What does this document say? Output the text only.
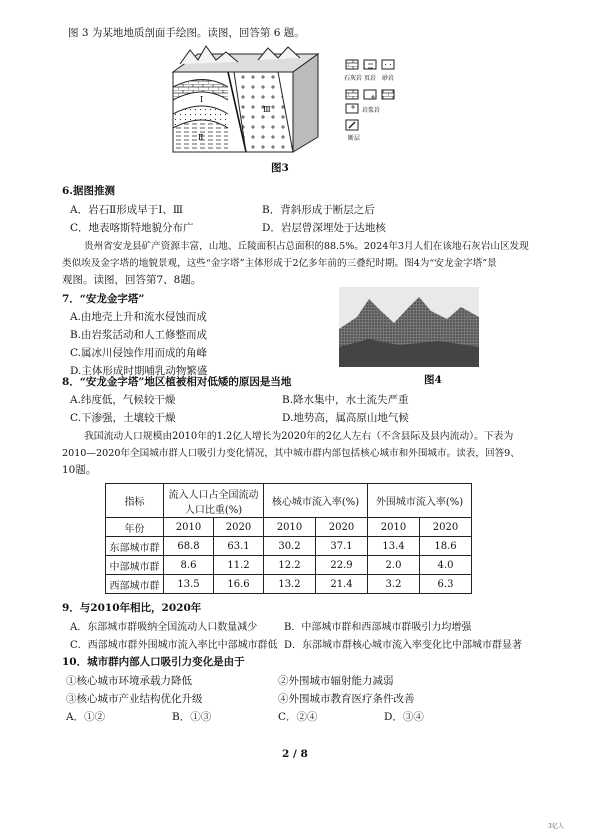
图 3 为某地地质剖面手绘图。读图，回答第 6 题。
Ⅰ
Ⅱ
Ⅲ
石灰岩 页岩 砂岩
岩浆岩
断层
图3
6.据图推测
A．岩石Ⅱ形成早于Ⅰ、Ⅲ	B．背斜形成于断层之后
C．地表喀斯特地貌分布广	D．岩层曾深埋处于达地核
贵州省安龙县矿产资源丰富，山地、丘陵面积占总面积的88.5%。2024年3月人们在该地石灰岩山区发现
类似埃及金字塔的地貌景观，这些“金字塔”主体形成于2亿多年前的三叠纪时期。图4为“安龙金字塔”景
观图。读图，回答第7、8题。
7．“安龙金字塔”
A.由地壳上升和流水侵蚀而成
B.由岩浆活动和人工修整而成
C.属冰川侵蚀作用而成的角峰
D.主体形成时期哺乳动物繁盛
图4
8．“安龙金字塔”地区植被相对低矮的原因是当地
A.纬度低，气候较干燥	B.降水集中，水土流失严重
C.下渗强，土壤较干燥	D.地势高，属高原山地气候
我国流动人口规模由2010年的1.2亿人增长为2020年的2亿人左右（不含县际及县内流动）。下表为
2010—2020年全国城市群人口吸引力变化情况，其中城市群内部包括核心城市和外围城市。读表，回答9、
10题。
指标	流入人口占全国流动人口比重(%)		核心城市流入率(%)		外围城市流入率(%)	
年份	2010	2020	2010	2020	2010	2020
东部城市群	68.8	63.1	30.2	37.1	13.4	18.6
中部城市群	8.6	11.2	12.2	22.9	2.0	4.0
西部城市群	13.5	16.6	13.2	21.4	3.2	6.3
9．与2010年相比，2020年
A．东部城市群吸纳全国流动人口数量减少	B．中部城市群和西部城市群吸引力均增强
C．西部城市群外围城市流入率比中部城市群低 D．东部城市群核心城市流入率变化比中部城市群显著
10．城市群内部人口吸引力变化是由于
①核心城市环境承载力降低	②外围城市辐射能力减弱
③核心城市产业结构优化升级	④外围城市教育医疗条件改善
A．①②	B．①③	C．②④	D．③④
2 / 8
3亿人
